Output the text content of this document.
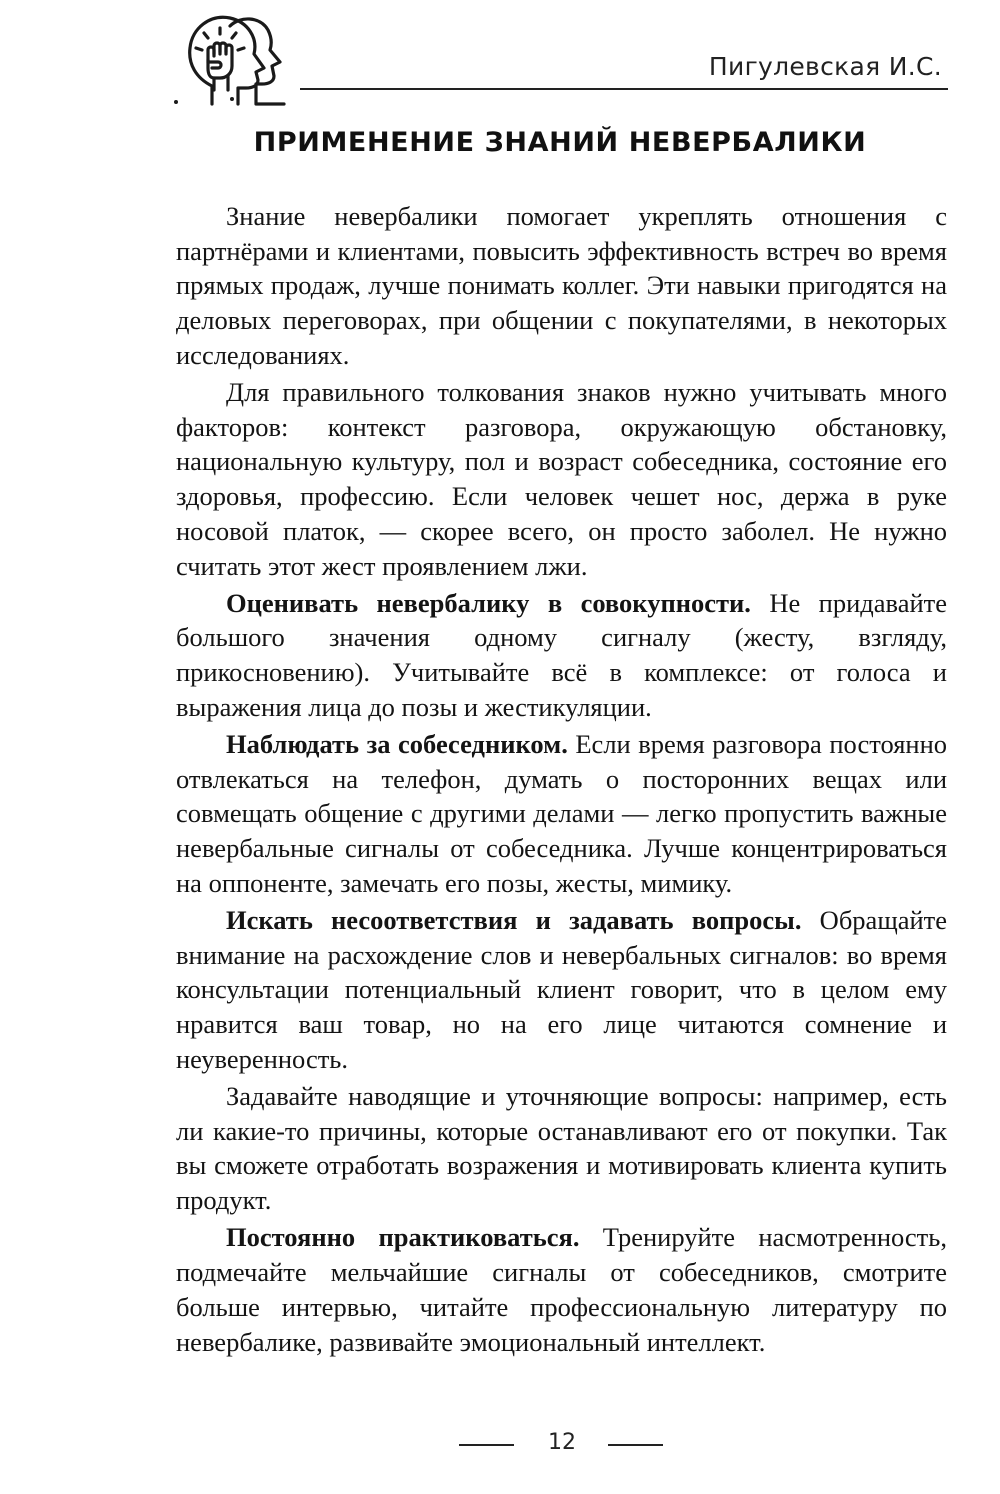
Пигулевская И.С.
ПРИМЕНЕНИЕ ЗНАНИЙ НЕВЕРБАЛИКИ

Знание невербалики помогает укреплять отношения с партнёрами и клиентами, повысить эффективность встреч во время прямых продаж, лучше понимать коллег. Эти навыки пригодятся на деловых переговорах, при общении с покупателями, в некоторых исследованиях.

Для правильного толкования знаков нужно учитывать много факторов: контекст разговора, окружающую обстановку, национальную культуру, пол и возраст собеседника, состояние его здоровья, профессию. Если человек чешет нос, держа в руке носовой платок, — скорее всего, он просто заболел. Не нужно считать этот жест проявлением лжи.

Оценивать невербалику в совокупности. Не придавайте большого значения одному сигналу (жесту, взгляду, прикосновению). Учитывайте всё в комплексе: от голоса и выражения лица до позы и жестикуляции.

Наблюдать за собеседником. Если время разговора постоянно отвлекаться на телефон, думать о посторонних вещах или совмещать общение с другими делами — легко пропустить важные невербальные сигналы от собеседника. Лучше концентрироваться на оппоненте, замечать его позы, жесты, мимику.

Искать несоответствия и задавать вопросы. Обращайте внимание на расхождение слов и невербальных сигналов: во время консультации потенциальный клиент говорит, что в целом ему нравится ваш товар, но на его лице читаются сомнение и неуверенность.

Задавайте наводящие и уточняющие вопросы: например, есть ли какие-то причины, которые останавливают его от покупки. Так вы сможете отработать возражения и мотивировать клиента купить продукт.

Постоянно практиковаться. Тренируйте насмотренность, подмечайте мельчайшие сигналы от собеседников, смотрите больше интервью, читайте профессиональную литературу по невербалике, развивайте эмоциональный интеллект.

12
